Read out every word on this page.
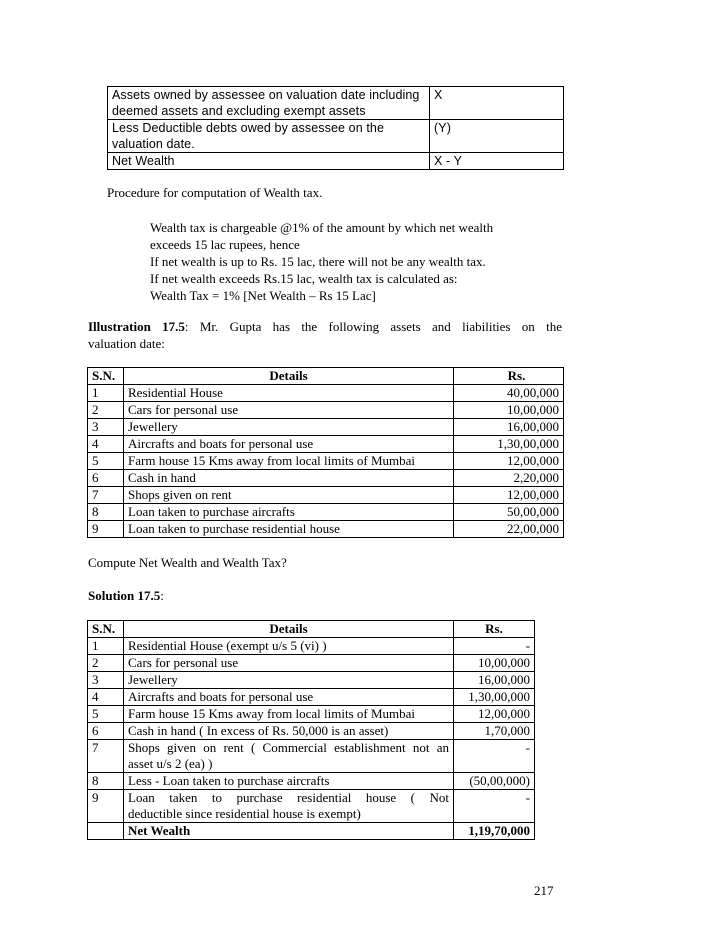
Assets owned by assessee on valuation date including
deemed assets and excluding exempt assets	X
Less Deductible debts owed by assessee on the
valuation date.	(Y)
Net Wealth	X - Y

Procedure for computation of Wealth tax.

Wealth tax is chargeable @1% of the amount by which net wealth
exceeds 15 lac rupees, hence
If net wealth is up to Rs. 15 lac, there will not be any wealth tax.
If net wealth exceeds Rs.15 lac, wealth tax is calculated as:
Wealth Tax = 1% [Net Wealth – Rs 15 Lac]
Illustration 17.5: Mr. Gupta has the following assets and liabilities on the
valuation date:
S.N.	Details	Rs.
1	Residential House	40,00,000
2	Cars for personal use	10,00,000
3	Jewellery	16,00,000
4	Aircrafts and boats for personal use	1,30,00,000
5	Farm house 15 Kms away from local limits of Mumbai	12,00,000
6	Cash in hand	2,20,000
7	Shops given on rent	12,00,000
8	Loan taken to purchase aircrafts	50,00,000
9	Loan taken to purchase residential house	22,00,000

Compute Net Wealth and Wealth Tax?

Solution 17.5:

S.N.	Details	Rs.
1	Residential House (exempt u/s 5 (vi) )	-
2	Cars for personal use	10,00,000
3	Jewellery	16,00,000
4	Aircrafts and boats for personal use	1,30,00,000
5	Farm house 15 Kms away from local limits of Mumbai	12,00,000
6	Cash in hand ( In excess of Rs. 50,000 is an asset)	1,70,000
7	Shops given on rent ( Commercial establishment not an
asset u/s 2 (ea) )	-
8	Less - Loan taken to purchase aircrafts	(50,00,000)
9	Loan taken to purchase residential house ( Not
deductible since residential house is exempt)	-
	Net Wealth	1,19,70,000

217
